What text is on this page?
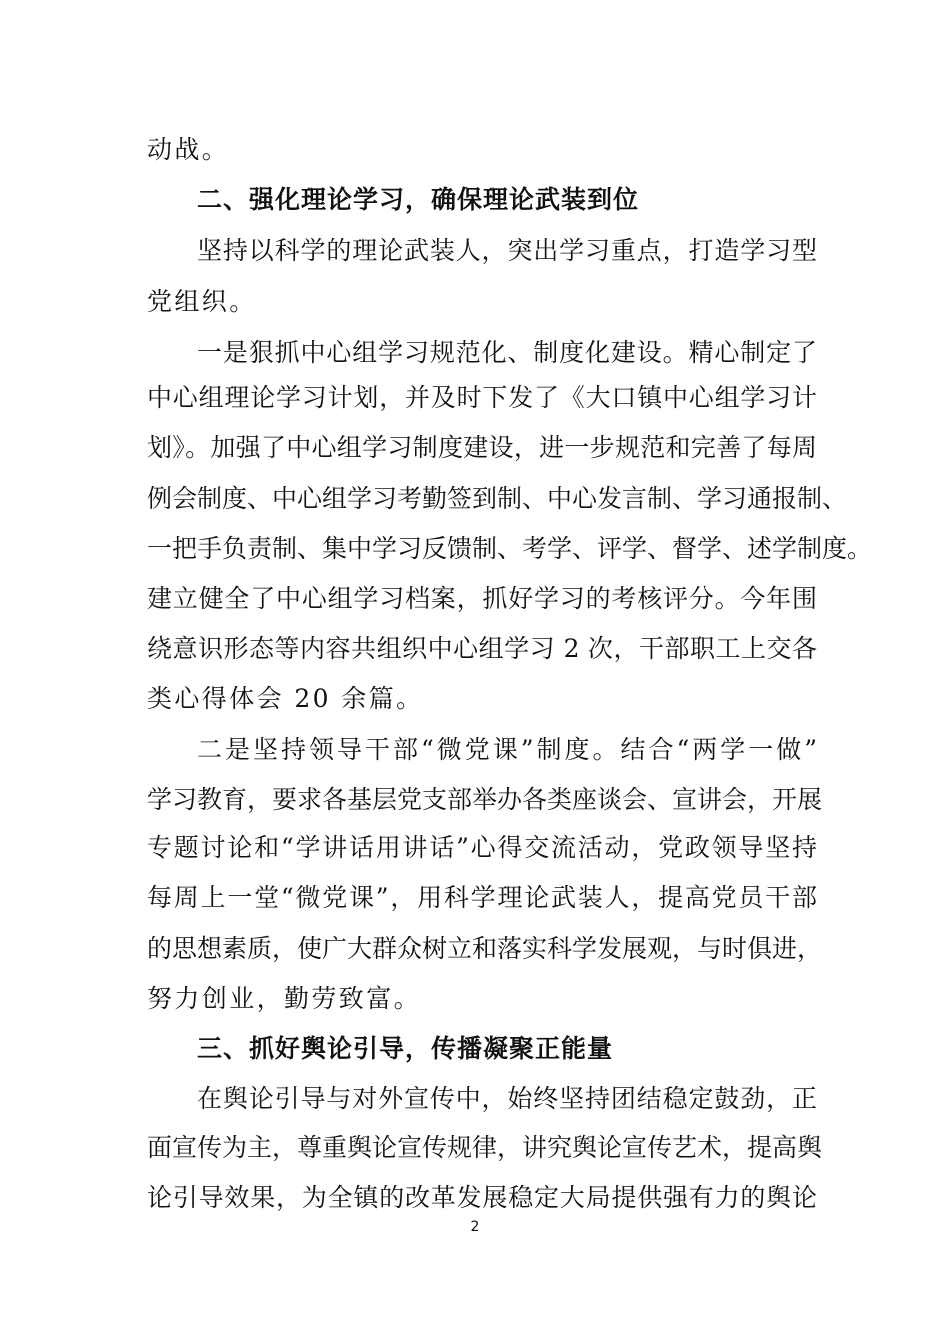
动战。
二、强化理论学习，确保理论武装到位
坚持以科学的理论武装人，突出学习重点，打造学习型
党组织。
一是狠抓中心组学习规范化、制度化建设。精心制定了
中心组理论学习计划，并及时下发了《大口镇中心组学习计
划》。加强了中心组学习制度建设，进一步规范和完善了每周
例会制度、中心组学习考勤签到制、中心发言制、学习通报制、
一把手负责制、集中学习反馈制、考学、评学、督学、述学制度。
建立健全了中心组学习档案，抓好学习的考核评分。今年围
绕意识形态等内容共组织中心组学习 2 次，干部职工上交各
类心得体会 20 余篇。
二是坚持领导干部“微党课”制度。结合“两学一做”
学习教育，要求各基层党支部举办各类座谈会、宣讲会，开展
专题讨论和“学讲话用讲话”心得交流活动，党政领导坚持
每周上一堂“微党课”，用科学理论武装人，提高党员干部
的思想素质，使广大群众树立和落实科学发展观，与时俱进，
努力创业，勤劳致富。
三、抓好舆论引导，传播凝聚正能量
在舆论引导与对外宣传中，始终坚持团结稳定鼓劲，正
面宣传为主，尊重舆论宣传规律，讲究舆论宣传艺术，提高舆
论引导效果，为全镇的改革发展稳定大局提供强有力的舆论
2
